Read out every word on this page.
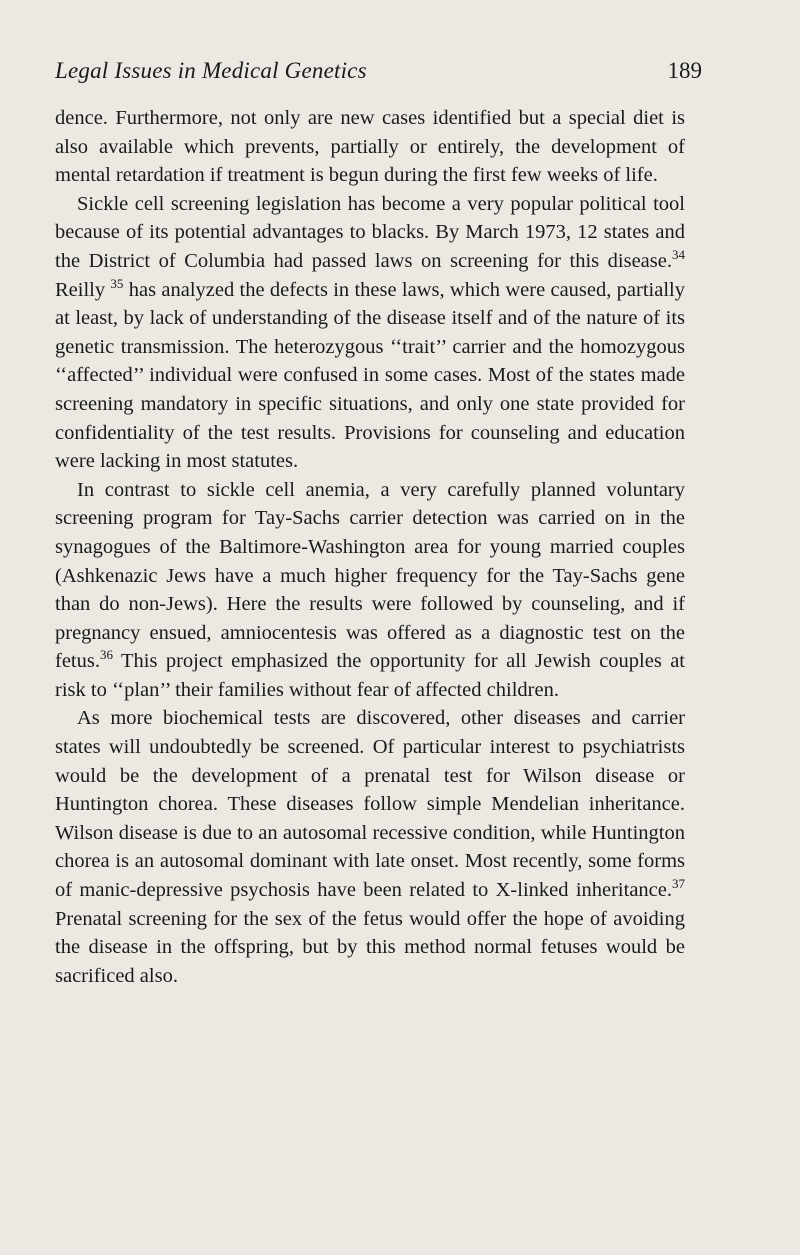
Legal Issues in Medical Genetics	189

dence. Furthermore, not only are new cases identified but a special diet is also available which prevents, partially or entirely, the development of mental retardation if treatment is begun during the first few weeks of life.

Sickle cell screening legislation has become a very popular political tool because of its potential advantages to blacks. By March 1973, 12 states and the District of Columbia had passed laws on screening for this disease.$^{34}$ Reilly $^{35}$ has analyzed the defects in these laws, which were caused, partially at least, by lack of understanding of the disease itself and of the nature of its genetic transmission. The heterozygous ‘‘trait’’ carrier and the homozygous ‘‘affected’’ individual were confused in some cases. Most of the states made screening mandatory in specific situations, and only one state provided for confidentiality of the test results. Provisions for counseling and education were lacking in most statutes.

In contrast to sickle cell anemia, a very carefully planned voluntary screening program for Tay-Sachs carrier detection was carried on in the synagogues of the Baltimore-Washington area for young married couples (Ashkenazic Jews have a much higher frequency for the Tay-Sachs gene than do non-Jews). Here the results were followed by counseling, and if pregnancy ensued, amniocentesis was offered as a diagnostic test on the fetus.$^{36}$ This project emphasized the opportunity for all Jewish couples at risk to ‘‘plan’’ their families without fear of affected children.

As more biochemical tests are discovered, other diseases and carrier states will undoubtedly be screened. Of particular interest to psychiatrists would be the development of a prenatal test for Wilson disease or Huntington chorea. These diseases follow simple Mendelian inheritance. Wilson disease is due to an autosomal recessive condition, while Huntington chorea is an autosomal dominant with late onset. Most recently, some forms of manic-depressive psychosis have been related to X-linked inheritance.$^{37}$ Prenatal screening for the sex of the fetus would offer the hope of avoiding the disease in the offspring, but by this method normal fetuses would be sacrificed also.
